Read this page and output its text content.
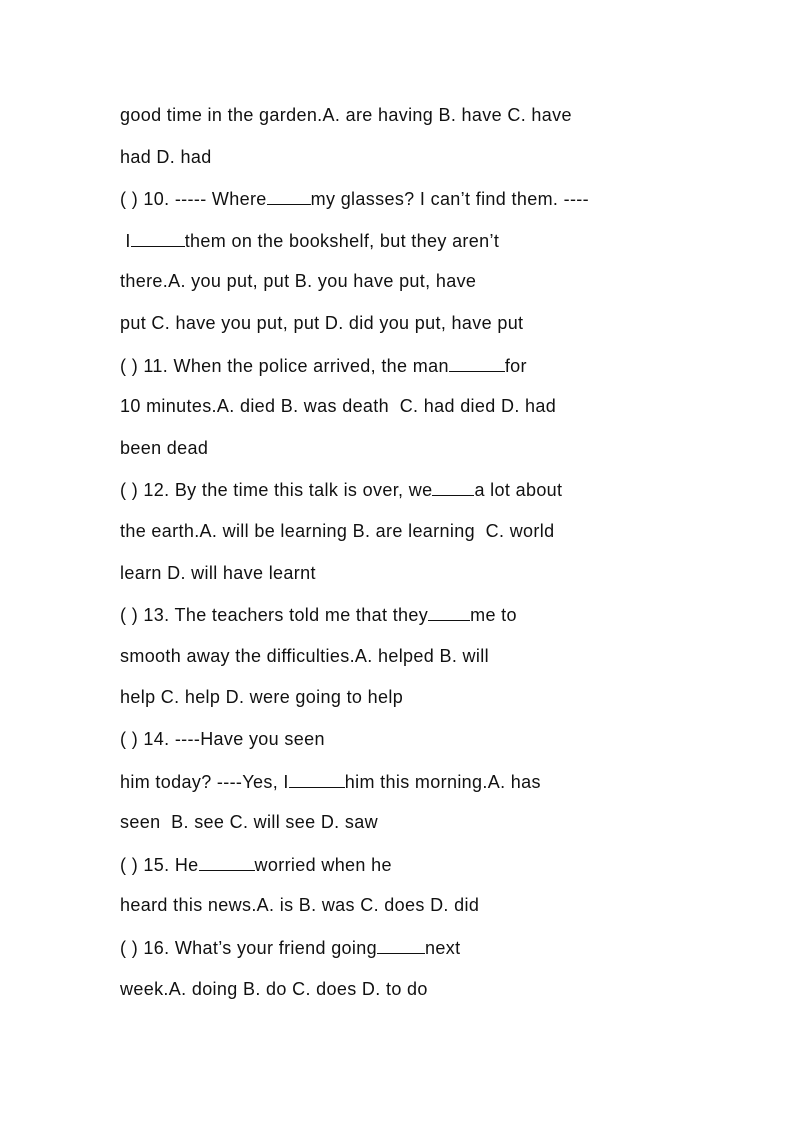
good time in the garden.A. are having B. have C. have
had D. had
( ) 10. ----- Where my glasses? I can’t find them. ----
I	them on the bookshelf, but they aren’t
there.A. you put, put B. you have put, have
put C. have you put, put D. did you put, have put
( ) 11. When the police arrived, the man	for
10 minutes.A. died B. was death  C. had died D. had
been dead
( ) 12. By the time this talk is over, we a lot about
the earth.A. will be learning B. are learning  C. world
learn D. will have learnt
( ) 13. The teachers told me that they me to
smooth away the difficulties.A. helped B. will
help C. help D. were going to help
( ) 14. ----Have you seen
him today? ----Yes, I	him this morning.A. has
seen  B. see C. will see D. saw
( ) 15. He	worried when he
heard this news.A. is B. was C. does D. did
( ) 16. What’s your friend going	next
week.A. doing B. do C. does D. to do
